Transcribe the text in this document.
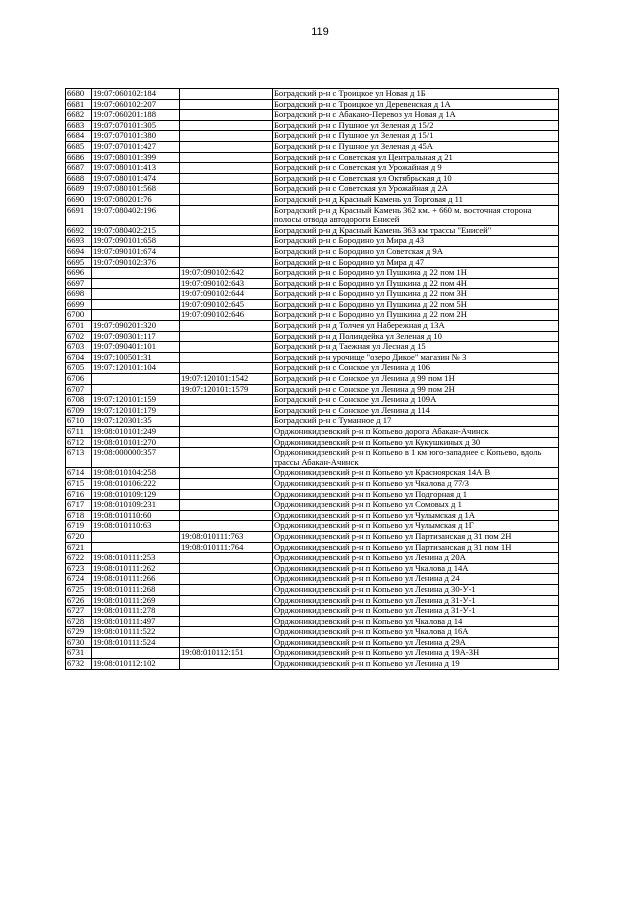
119
6680	19:07:060102:184		Боградский р-н с Троицкое ул Новая д 1Б
6681	19:07:060102:207		Боградский р-н с Троицкое ул Деревенская д 1А
6682	19:07:060201:188		Боградский р-н с Абакано-Перевоз ул Новая д 1А
6683	19:07:070101:305		Боградский р-н с Пушное ул Зеленая д 15/2
6684	19:07:070101:380		Боградский р-н с Пушное ул Зеленая д 15/1
6685	19:07:070101:427		Боградский р-н с Пушное ул Зеленая д 45А
6686	19:07:080101:399		Боградский р-н с Советская ул Центральная д 21
6687	19:07:080101:413		Боградский р-н с Советская ул Урожайная д 9
6688	19:07:080101:474		Боградский р-н с Советская ул Октябрьская д 10
6689	19:07:080101:568		Боградский р-н с Советская ул Урожайная д 2А
6690	19:07:080201:76		Боградский р-н д Красный Камень ул Торговая д 11
6691	19:07:080402:196		Боградский р-н д Красный Камень 362 км. + 660 м. восточная сторона полосы отвода автодороги Енисей
6692	19:07:080402:215		Боградский р-н д Красный Камень 363 км трассы "Енисей"
6693	19:07:090101:658		Боградский р-н с Бородино ул Мира д 43
6694	19:07:090101:674		Боградский р-н с Бородино ул Советская д 9А
6695	19:07:090102:376		Боградский р-н с Бородино ул Мира д 47
6696		19:07:090102:642	Боградский р-н с Бородино ул Пушкина д 22 пом 1Н
6697		19:07:090102:643	Боградский р-н с Бородино ул Пушкина д 22 пом 4Н
6698		19:07:090102:644	Боградский р-н с Бородино ул Пушкина д 22 пом 3Н
6699		19:07:090102:645	Боградский р-н с Бородино ул Пушкина д 22 пом 5Н
6700		19:07:090102:646	Боградский р-н с Бородино ул Пушкина д 22 пом 2Н
6701	19:07:090201:320		Боградский р-н д Толчея ул Набережная д 13А
6702	19:07:090301:117		Боградский р-н д Полиндейка ул Зеленая д 10
6703	19:07:090401:101		Боградский р-н д Таежная ул Лесная д 15
6704	19:07:100501:31		Боградский р-н урочище "озеро Дикое" магазин № 3
6705	19:07:120101:104		Боградский р-н с Сонское ул Ленина д 106
6706		19:07:120101:1542	Боградский р-н с Сонское ул Ленина д 99 пом 1Н
6707		19:07:120101:1579	Боградский р-н с Сонское ул Ленина д 99 пом 2Н
6708	19:07:120101:159		Боградский р-н с Сонское ул Ленина д 109А
6709	19:07:120101:179		Боградский р-н с Сонское ул Ленина д 114
6710	19:07:120301:35		Боградский р-н с Туманное д 17
6711	19:08:010101:249		Орджоникидзевский р-н п Копьево дорога Абакан-Ачинск
6712	19:08:010101:270		Орджоникидзевский р-н п Копьево ул Кукушкиных д 30
6713	19:08:000000:357		Орджоникидзевский р-н п Копьево в 1 км юго-западнее с Копьево, вдоль трассы Абакан-Ачинск
6714	19:08:010104:258		Орджоникидзевский р-н п Копьево ул Красноярская 14А В
6715	19:08:010106:222		Орджоникидзевский р-н п Копьево ул Чкалова д 77/3
6716	19:08:010109:129		Орджоникидзевский р-н п Копьево ул Подгорная д 1
6717	19:08:010109:231		Орджоникидзевский р-н п Копьево ул Сомовых д 1
6718	19:08:010110:60		Орджоникидзевский р-н п Копьево ул Чулымская д 1А
6719	19:08:010110:63		Орджоникидзевский р-н п Копьево ул Чулымская д 1Г
6720		19:08:010111:763	Орджоникидзевский р-н п Копьево ул Партизанская д 31 пом 2Н
6721		19:08:010111:764	Орджоникидзевский р-н п Копьево ул Партизанская д 31 пом 1Н
6722	19:08:010111:253		Орджоникидзевский р-н п Копьево ул Ленина д 20А
6723	19:08:010111:262		Орджоникидзевский р-н п Копьево ул Чкалова д 14А
6724	19:08:010111:266		Орджоникидзевский р-н п Копьево ул Ленина д 24
6725	19:08:010111:268		Орджоникидзевский р-н п Копьево ул Ленина д 30-У-1
6726	19:08:010111:269		Орджоникидзевский р-н п Копьево ул Ленина д 31-У-1
6727	19:08:010111:278		Орджоникидзевский р-н п Копьево ул Ленина д 31-У-1
6728	19:08:010111:497		Орджоникидзевский р-н п Копьево ул Чкалова д 14
6729	19:08:010111:522		Орджоникидзевский р-н п Копьево ул Чкалова д 16А
6730	19:08:010111:524		Орджоникидзевский р-н п Копьево ул Ленина д 29А
6731		19:08:010112:151	Орджоникидзевский р-н п Копьево ул Ленина д 19А-3Н
6732	19:08:010112:102		Орджоникидзевский р-н п Копьево ул Ленина д 19
